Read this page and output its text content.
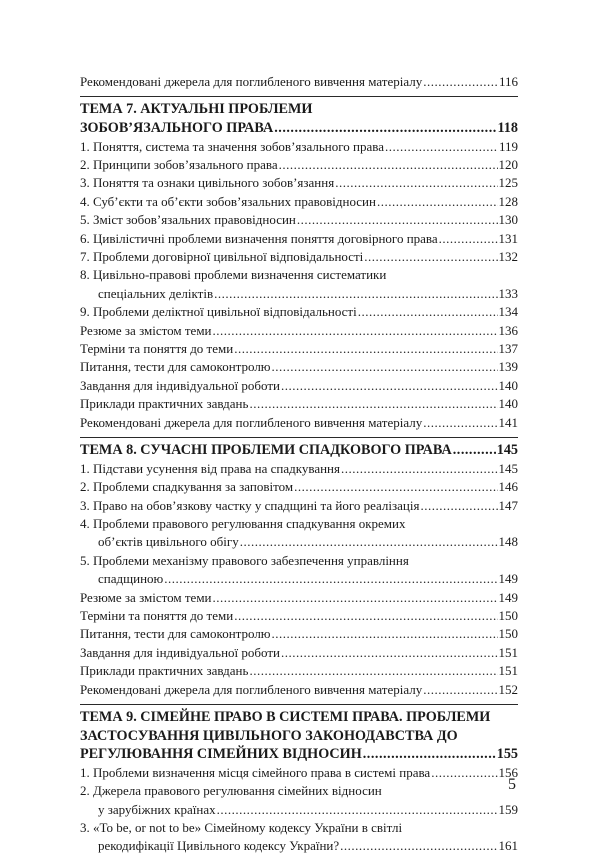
Рекомендовані джерела для поглибленого вивчення матеріалу .....	116
ТЕМА 7. АКТУАЛЬНІ ПРОБЛЕМИ
ЗОБОВ’ЯЗАЛЬНОГО ПРАВА .....	118
1. Поняття, система та значення зобов’язального права .....	119
2. Принципи зобов’язального права .....	120
3. Поняття та ознаки цивільного зобов’язання .....	125
4. Суб’єкти та об’єкти зобов’язальних правовідносин .....	128
5. Зміст зобов’язальних правовідносин .....	130
6. Цивілістичні проблеми визначення поняття договірного права .....	131
7. Проблеми договірної цивільної відповідальності .....	132
8. Цивільно-правові проблеми визначення систематики
спеціальних деліктів .....	133
9. Проблеми деліктної цивільної відповідальності .....	134
Резюме за змістом теми .....	136
Терміни та поняття до теми .....	137
Питання, тести для самоконтролю .....	139
Завдання для індивідуальної роботи .....	140
Приклади практичних завдань .....	140
Рекомендовані джерела для поглибленого вивчення матеріалу .....	141
ТЕМА 8. СУЧАСНІ ПРОБЛЕМИ СПАДКОВОГО ПРАВА .....	145
1. Підстави усунення від права на спадкування .....	145
2. Проблеми спадкування за заповітом .....	146
3. Право на обов’язкову частку у спадщині та його реалізація .....	147
4. Проблеми правового регулювання спадкування окремих
об’єктів цивільного обігу .....	148
5. Проблеми механізму правового забезпечення управління
спадщиною .....	149
Резюме за змістом теми .....	149
Терміни та поняття до теми .....	150
Питання, тести для самоконтролю .....	150
Завдання для індивідуальної роботи .....	151
Приклади практичних завдань .....	151
Рекомендовані джерела для поглибленого вивчення матеріалу .....	152
ТЕМА 9. СІМЕЙНЕ ПРАВО В СИСТЕМІ ПРАВА. ПРОБЛЕМИ
ЗАСТОСУВАННЯ ЦИВІЛЬНОГО ЗАКОНОДАВСТВА ДО
РЕГУЛЮВАННЯ СІМЕЙНИХ ВІДНОСИН .....	155
1. Проблеми визначення місця сімейного права в системі права .....	156
2. Джерела правового регулювання сімейних відносин
у зарубіжних країнах .....	159
3. «To be, or not to be» Сімейному кодексу України в світлі
рекодифікації Цивільного кодексу України? .....	161
5
